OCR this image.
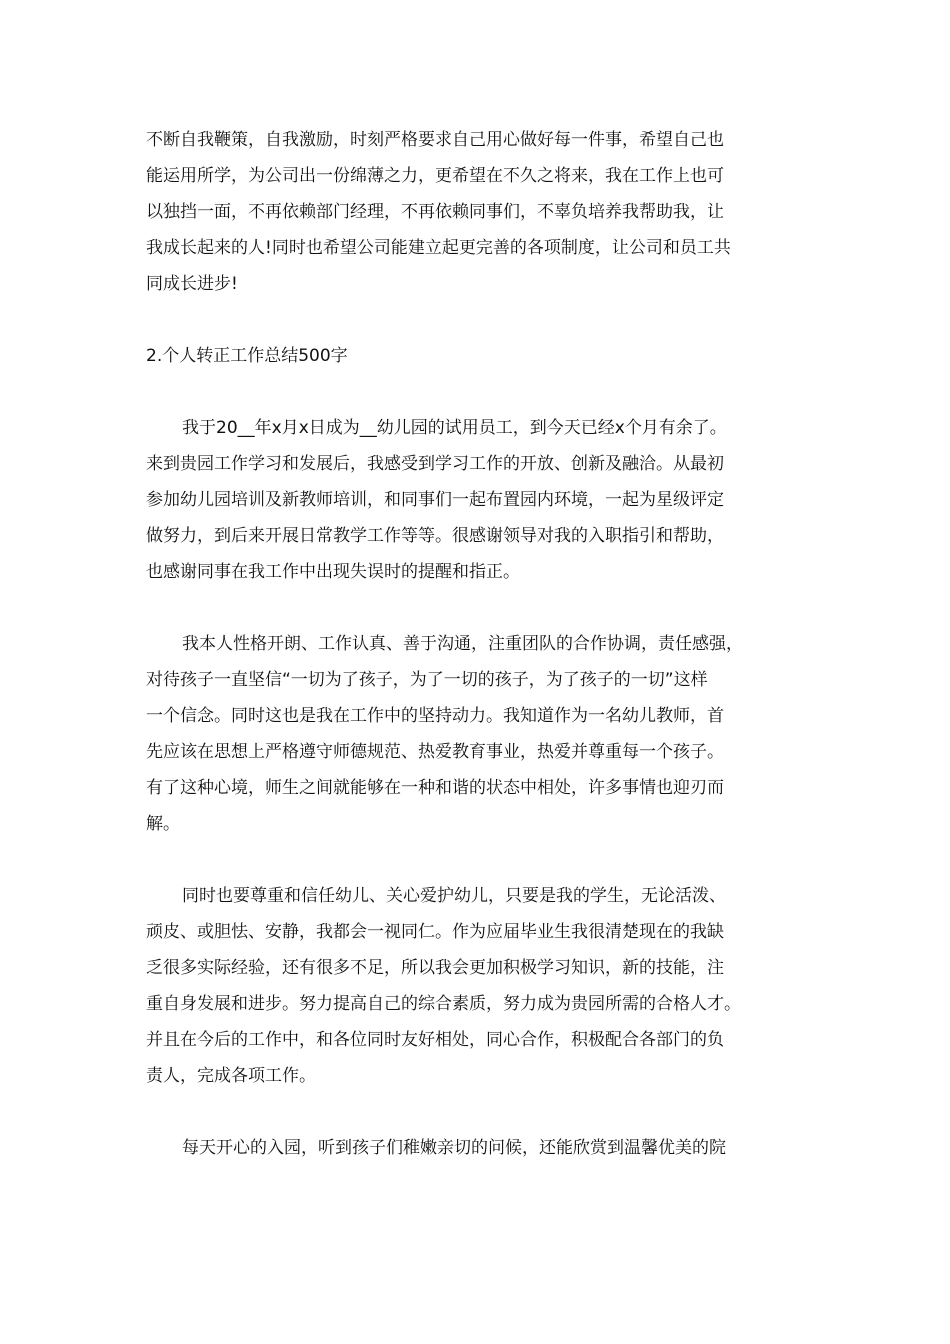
不断自我鞭策，自我激励，时刻严格要求自己用心做好每一件事，希望自己也
能运用所学，为公司出一份绵薄之力，更希望在不久之将来，我在工作上也可
以独挡一面，不再依赖部门经理，不再依赖同事们，不辜负培养我帮助我，让
我成长起来的人!同时也希望公司能建立起更完善的各项制度，让公司和员工共
同成长进步!
2.个人转正工作总结500字
我于20__年x月x日成为__幼儿园的试用员工，到今天已经x个月有余了。
来到贵园工作学习和发展后，我感受到学习工作的开放、创新及融洽。从最初
参加幼儿园培训及新教师培训，和同事们一起布置园内环境，一起为星级评定
做努力，到后来开展日常教学工作等等。很感谢领导对我的入职指引和帮助，
也感谢同事在我工作中出现失误时的提醒和指正。
我本人性格开朗、工作认真、善于沟通，注重团队的合作协调，责任感强，
对待孩子一直坚信“一切为了孩子，为了一切的孩子，为了孩子的一切”这样
一个信念。同时这也是我在工作中的坚持动力。我知道作为一名幼儿教师，首
先应该在思想上严格遵守师德规范、热爱教育事业，热爱并尊重每一个孩子。
有了这种心境，师生之间就能够在一种和谐的状态中相处，许多事情也迎刃而
解。
同时也要尊重和信任幼儿、关心爱护幼儿，只要是我的学生，无论活泼、
顽皮、或胆怯、安静，我都会一视同仁。作为应届毕业生我很清楚现在的我缺
乏很多实际经验，还有很多不足，所以我会更加积极学习知识，新的技能，注
重自身发展和进步。努力提高自己的综合素质，努力成为贵园所需的合格人才。
并且在今后的工作中，和各位同时友好相处，同心合作，积极配合各部门的负
责人，完成各项工作。
每天开心的入园，听到孩子们稚嫩亲切的问候，还能欣赏到温馨优美的院
